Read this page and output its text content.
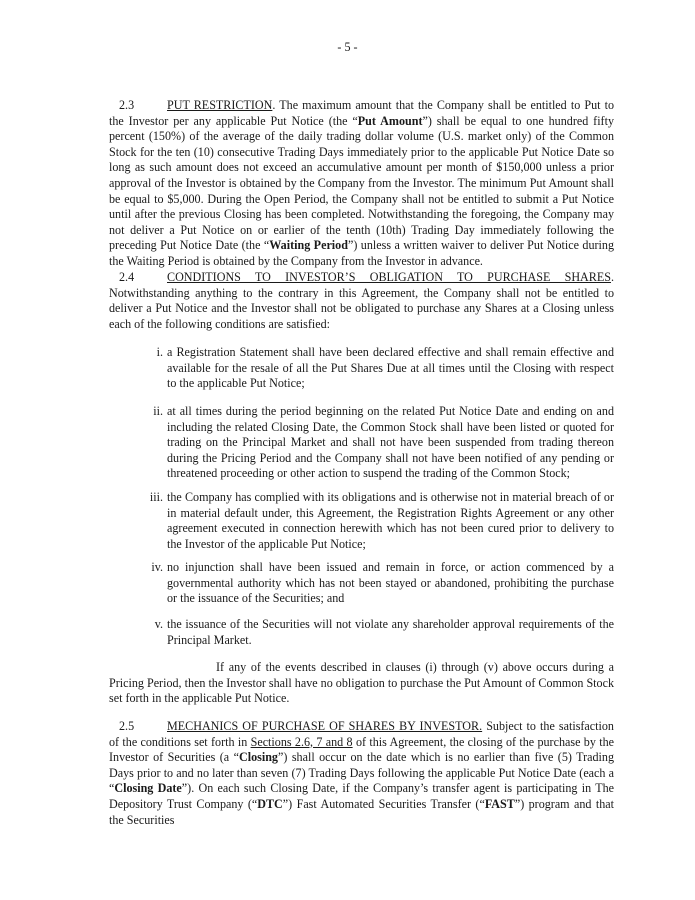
- 5 -

2.3	PUT RESTRICTION. The maximum amount that the Company shall be entitled to Put to the Investor per any applicable Put Notice (the “Put Amount”) shall be equal to one hundred fifty percent (150%) of the average of the daily trading dollar volume (U.S. market only) of the Common Stock for the ten (10) consecutive Trading Days immediately prior to the applicable Put Notice Date so long as such amount does not exceed an accumulative amount per month of $150,000 unless a prior approval of the Investor is obtained by the Company from the Investor. The minimum Put Amount shall be equal to $5,000. During the Open Period, the Company shall not be entitled to submit a Put Notice until after the previous Closing has been completed. Notwithstanding the foregoing, the Company may not deliver a Put Notice on or earlier of the tenth (10th) Trading Day immediately following the preceding Put Notice Date (the “Waiting Period”) unless a written waiver to deliver Put Notice during the Waiting Period is obtained by the Company from the Investor in advance.

2.4	CONDITIONS TO INVESTOR’S OBLIGATION TO PURCHASE SHARES. Notwithstanding anything to the contrary in this Agreement, the Company shall not be entitled to deliver a Put Notice and the Investor shall not be obligated to purchase any Shares at a Closing unless each of the following conditions are satisfied:

i. a Registration Statement shall have been declared effective and shall remain effective and available for the resale of all the Put Shares Due at all times until the Closing with respect to the applicable Put Notice;
ii. at all times during the period beginning on the related Put Notice Date and ending on and including the related Closing Date, the Common Stock shall have been listed or quoted for trading on the Principal Market and shall not have been suspended from trading thereon during the Pricing Period and the Company shall not have been notified of any pending or threatened proceeding or other action to suspend the trading of the Common Stock;
iii. the Company has complied with its obligations and is otherwise not in material breach of or in material default under, this Agreement, the Registration Rights Agreement or any other agreement executed in connection herewith which has not been cured prior to delivery to the Investor of the applicable Put Notice;
iv. no injunction shall have been issued and remain in force, or action commenced by a governmental authority which has not been stayed or abandoned, prohibiting the purchase or the issuance of the Securities; and
v. the issuance of the Securities will not violate any shareholder approval requirements of the Principal Market.

If any of the events described in clauses (i) through (v) above occurs during a Pricing Period, then the Investor shall have no obligation to purchase the Put Amount of Common Stock set forth in the applicable Put Notice.

2.5	MECHANICS OF PURCHASE OF SHARES BY INVESTOR. Subject to the satisfaction of the conditions set forth in Sections 2.6, 7 and 8 of this Agreement, the closing of the purchase by the Investor of Securities (a “Closing”) shall occur on the date which is no earlier than five (5) Trading Days prior to and no later than seven (7) Trading Days following the applicable Put Notice Date (each a “Closing Date”). On each such Closing Date, if the Company’s transfer agent is participating in The Depository Trust Company (“DTC”) Fast Automated Securities Transfer (“FAST”) program and that the Securities
